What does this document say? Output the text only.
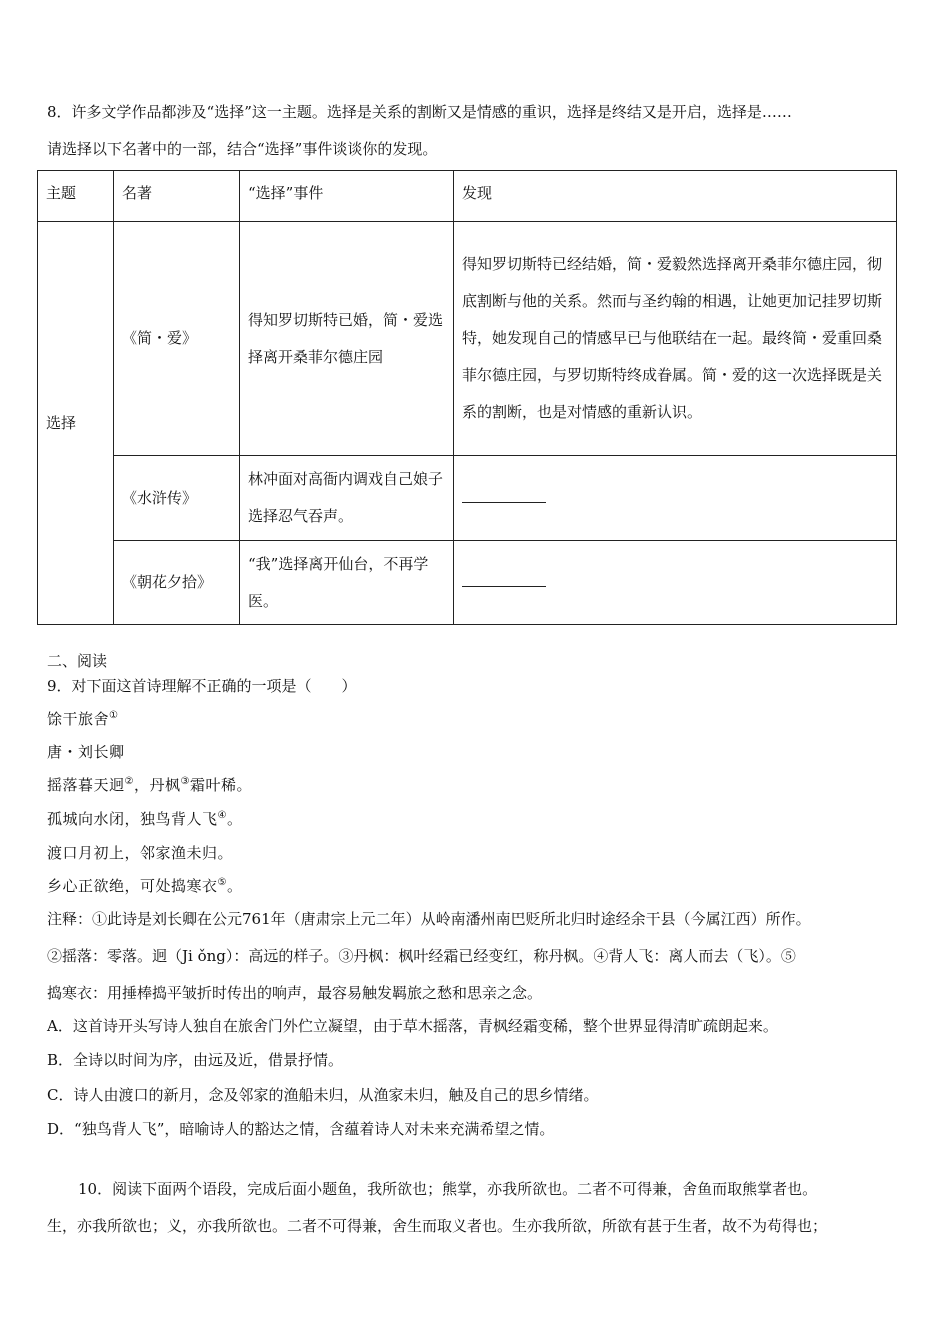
8．许多文学作品都涉及“选择”这一主题。选择是关系的割断又是情感的重识，选择是终结又是开启，选择是……
请选择以下名著中的一部，结合“选择”事件谈谈你的发现。
主题	名著	“选择”事件	发现
选择	《简・爱》	得知罗切斯特已婚，简・爱选择离开桑菲尔德庄园	得知罗切斯特已经结婚，简・爱毅然选择离开桑菲尔德庄园，彻底割断与他的关系。然而与圣约翰的相遇，让她更加记挂罗切斯特，她发现自己的情感早已与他联结在一起。最终简・爱重回桑菲尔德庄园，与罗切斯特终成眷属。简・爱的这一次选择既是关系的割断，也是对情感的重新认识。
	《水浒传》	林冲面对高衙内调戏自己娘子选择忍气吞声。	
	《朝花夕拾》	“我”选择离开仙台，不再学医。	
二、阅读
9．对下面这首诗理解不正确的一项是（　　）
馀干旅舍①
唐・刘长卿
摇落暮天迥②，丹枫③霜叶稀。
孤城向水闭，独鸟背人飞④。
渡口月初上，邻家渔未归。
乡心正欲绝，可处捣寒衣⑤。
注释：①此诗是刘长卿在公元761年（唐肃宗上元二年）从岭南潘州南巴贬所北归时途经余干县（今属江西）所作。
②摇落：零落。迥（Ji ǒng）：高远的样子。③丹枫：枫叶经霜已经变红，称丹枫。④背人飞：离人而去（飞）。⑤
捣寒衣：用捶棒捣平皱折时传出的响声，最容易触发羁旅之愁和思亲之念。
A．这首诗开头写诗人独自在旅舍门外伫立凝望，由于草木摇落，青枫经霜变稀，整个世界显得清旷疏朗起来。
B．全诗以时间为序，由远及近，借景抒情。
C．诗人由渡口的新月，念及邻家的渔船未归，从渔家未归，触及自己的思乡情绪。
D．“独鸟背人飞”，暗喻诗人的豁达之情，含蕴着诗人对未来充满希望之情。
10．阅读下面两个语段，完成后面小题鱼，我所欲也；熊掌，亦我所欲也。二者不可得兼，舍鱼而取熊掌者也。
生，亦我所欲也；义，亦我所欲也。二者不可得兼，舍生而取义者也。生亦我所欲，所欲有甚于生者，故不为苟得也；
